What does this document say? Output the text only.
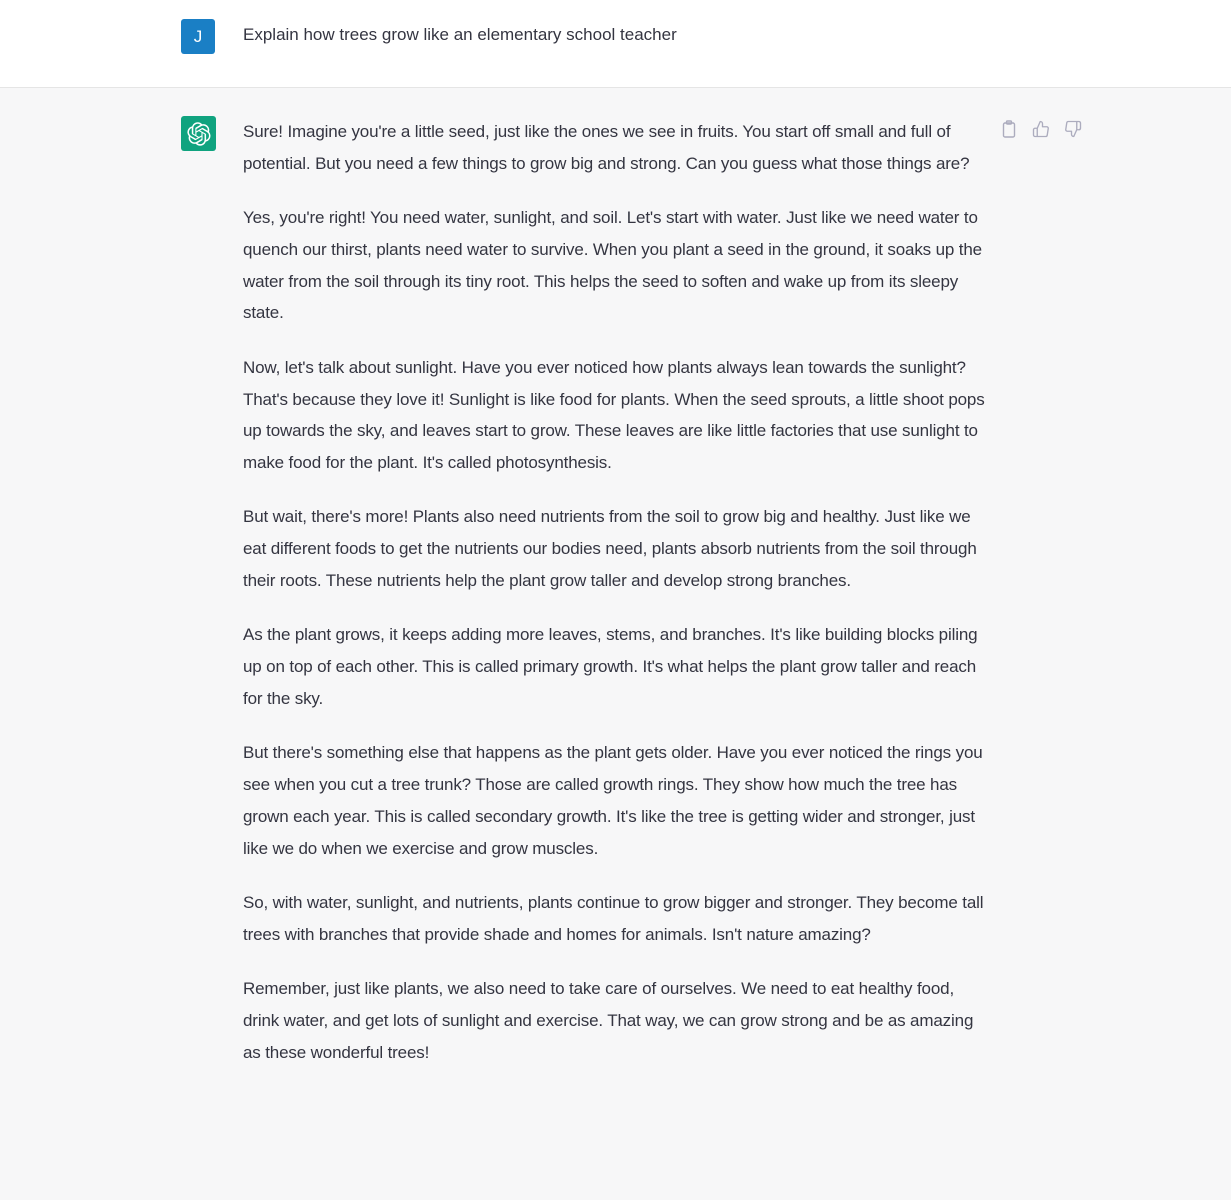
J	Explain how trees grow like an elementary school teacher

Sure! Imagine you're a little seed, just like the ones we see in fruits. You start off small and full of potential. But you need a few things to grow big and strong. Can you guess what those things are?

Yes, you're right! You need water, sunlight, and soil. Let's start with water. Just like we need water to quench our thirst, plants need water to survive. When you plant a seed in the ground, it soaks up the water from the soil through its tiny root. This helps the seed to soften and wake up from its sleepy state.

Now, let's talk about sunlight. Have you ever noticed how plants always lean towards the sunlight? That's because they love it! Sunlight is like food for plants. When the seed sprouts, a little shoot pops up towards the sky, and leaves start to grow. These leaves are like little factories that use sunlight to make food for the plant. It's called photosynthesis.

But wait, there's more! Plants also need nutrients from the soil to grow big and healthy. Just like we eat different foods to get the nutrients our bodies need, plants absorb nutrients from the soil through their roots. These nutrients help the plant grow taller and develop strong branches.

As the plant grows, it keeps adding more leaves, stems, and branches. It's like building blocks piling up on top of each other. This is called primary growth. It's what helps the plant grow taller and reach for the sky.

But there's something else that happens as the plant gets older. Have you ever noticed the rings you see when you cut a tree trunk? Those are called growth rings. They show how much the tree has grown each year. This is called secondary growth. It's like the tree is getting wider and stronger, just like we do when we exercise and grow muscles.

So, with water, sunlight, and nutrients, plants continue to grow bigger and stronger. They become tall trees with branches that provide shade and homes for animals. Isn't nature amazing?

Remember, just like plants, we also need to take care of ourselves. We need to eat healthy food, drink water, and get lots of sunlight and exercise. That way, we can grow strong and be as amazing as these wonderful trees!
